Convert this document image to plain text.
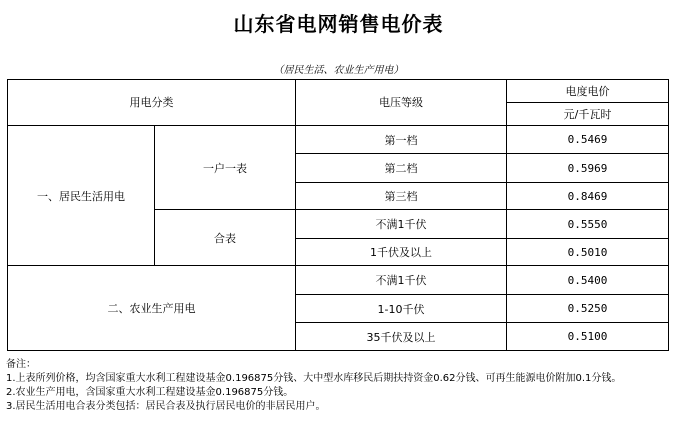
山东省电网销售电价表
（居民生活、农业生产用电）
用电分类		电压等级	电度电价
			元/千瓦时
一、居民生活用电	一户一表	第一档	0.5469
		第二档	0.5969
		第三档	0.8469
	合表	不满1千伏	0.5550
		1千伏及以上	0.5010
二、农业生产用电		不满1千伏	0.5400
		1-10千伏	0.5250
		35千伏及以上	0.5100
备注：
1.上表所列价格，均含国家重大水利工程建设基金0.196875分钱、大中型水库移民后期扶持资金0.62分钱、可再生能源电价附加0.1分钱。
2.农业生产用电，含国家重大水利工程建设基金0.196875分钱。
3.居民生活用电合表分类包括：居民合表及执行居民电价的非居民用户。
